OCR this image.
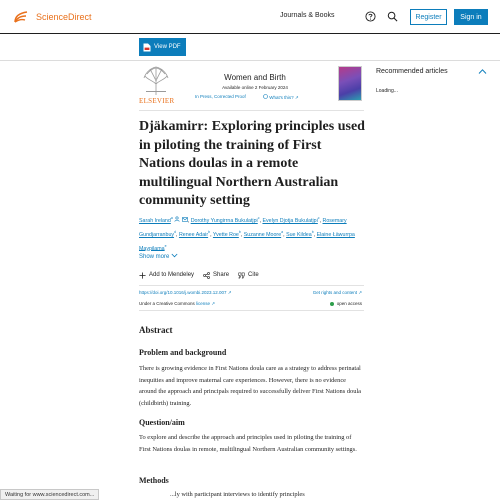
ScienceDirect	Journals & Books	Register	Sign in
View PDF
ELSEVIER
Women and Birth
Available online 2 February 2024
In Press, Corrected Proof	What's this? ↗
Djäkamirr: Exploring principles used in piloting the training of First Nations doulas in a remote multilingual Northern Australian community setting
Sarah Ireland$^a$	, Dorothy Yungirrna Bukulatjpi$^c$, Evelyn Djotja Bukulatjpi$^c$, Rosemary Gundjarranbuy$^d$, Renee Adair$^b$, Yvette Roe$^b$, Suzanne Moore$^a$, Sue Kildea$^b$, Elaine Łäwurrpa Maypilama$^e$
Show more
Add to Mendeley	Share	Cite
https://doi.org/10.1016/j.wombi.2023.12.007 ↗	Get rights and content ↗
Under a Creative Commons license ↗	open access
Abstract
Problem and background

There is growing evidence in First Nations doula care as a strategy to address perinatal inequities and improve maternal care experiences. However, there is no evidence around the approach and principals required to successfully deliver First Nations doula (childbirth) training.

Question/aim

To explore and describe the approach and principles used in piloting the training of First Nations doulas in remote, multilingual Northern Australian community settings.

Methods

...ly with participant interviews to identify principles

Recommended articles
Loading...
Waiting for www.sciencedirect.com...
